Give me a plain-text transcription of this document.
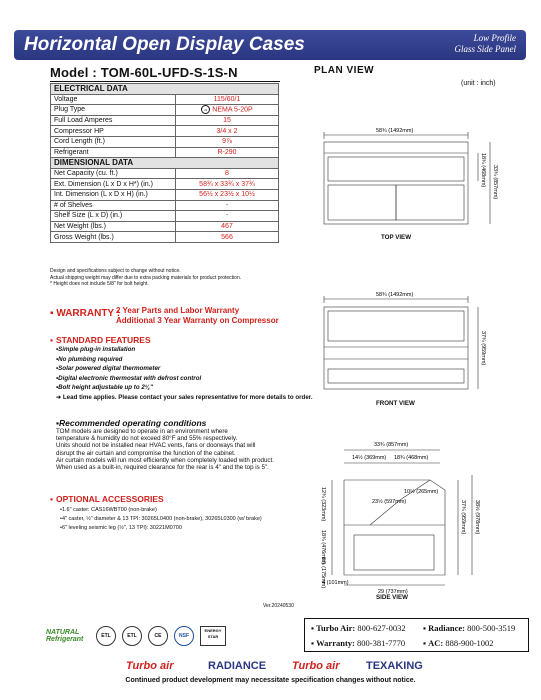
Horizontal Open Display Cases	Low Profile
Glass Side Panel
Model : TOM-60L-UFD-S-1S-N
ELECTRICAL DATA	
Voltage	115/60/1
Plug Type	•• NEMA 5-20P
Full Load Amperes	15
Compressor HP	3/4 x 2
Cord Length (ft.)	9⅞
Refrigerant	R-290
DIMENSIONAL DATA	
Net Capacity (cu. ft.)	8
Ext. Dimension (L x D x H*) (in.)	58¾ x 33¾ x 37¾
Int. Dimension (L x D x H) (in.)	56½ x 23½ x 10½
# of Shelves	-
Shelf Size (L x D) (in.)	-
Net Weight (lbs.)	467
Gross Weight (lbs.)	566
Design and specifications subject to change without notice.
Actual shipping weight may differ due to extra packing materials for product protection.
* Height does not include 5/8" for bolt height.
▪ WARRANTY :
2 Year Parts and Labor Warranty
Additional 3 Year Warranty on Compressor
▪ STANDARD FEATURES
• Simple plug-in installation
• No plumbing required
• Solar powered digital thermometer
• Digital electronic thermostat with defrost control
• Bolt height adjustable up to 2¼"
➜ Lead time applies. Please contact your sales representative for more details to order.
▪ Recommended operating conditions
TOM models are designed to operate in an environment where
temperature & humidity do not exceed 80°F and 55% respectively.
Units should not be installed near HVAC vents, fans or doorways that will
disrupt the air curtain and compromise the function of the cabinet.
Air curtain models will run most efficiently when completely loaded with product.
When used as a built-in, required clearance for the rear is 4" and the top is 5".
▪ OPTIONAL ACCESSORIES
• 1.6" caster: CAS16WBT00 (non-brake)
• 4" caster, ½" diameter & 13 TPI: 30265L0400 (non-brake), 30265L0300 (w/ brake)
• 6" leveling seismic leg (½", 13 TPI): 30221M0700
Ver.20240530
NATURAL
Refrigerant	ETL	ETL	CE	NSF
ENERGY STAR
▪ Turbo Air: 800-627-0032 ▪ Radiance: 800-500-3519
▪ Warranty: 800-381-7770 ▪ AC: 888-900-1002
Turbo air	RADIANCE Turbo air TEXAKING
Continued product development may necessitate specification changes without notice.
PLAN VIEW
(unit : inch)
58¾ (1492mm)
18¾ (468mm) 33¾ (857mm)
58¾ (1492mm)
37¾ (959mm)
33¾ (857mm)
14½ (369mm) 18¾ (468mm)
10½ (265mm)
23½ (597mm)
29 (737mm)
12¾ (323mm)
18¾ (476mm)
6⅞ (175mm)
4 (101mm)
37¾ (959mm) 38½ (978mm)
TOP VIEW
FRONT VIEW
SIDE VIEW
